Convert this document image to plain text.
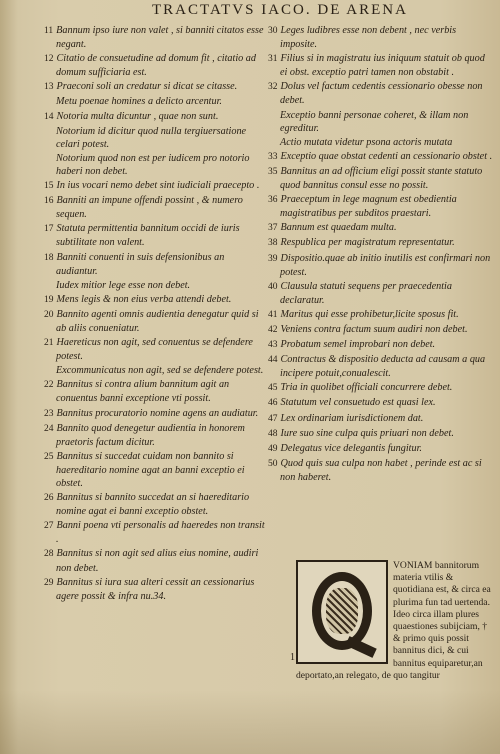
TRACTATVS IACO. DE ARENA
11 Bannum ipso iure non valet , si banniti citatos esse negant.
12 Citatio de consuetudine ad domum fit , citatio ad domum sufficiaria est.
13 Praeconi soli an credatur si dicat se citasse.
Metu poenae homines a delicto arcentur.
14 Notoria multa dicuntur , quae non sunt.
Notorium id dicitur quod nulla tergiuersatione celari potest.
Notorium quod non est per iudicem pro notorio haberi non debet.
15 In ius vocari nemo debet sint iudiciali praecepto .
16 Banniti an impune offendi possint , & numero sequen.
17 Statuta permittentia bannitum occidi de iuris subtilitate non valent.
18 Banniti conuenti in suis defensionibus an audiantur.
Iudex mitior lege esse non debet.
19 Mens legis & non eius verba attendi debet.
20 Bannito agenti omnis audientia denegatur quid si ab aliis conueniatur.
21 Haereticus non agit, sed conuentus se defendere potest.
Excommunicatus non agit, sed se defendere potest.
22 Bannitus si contra alium bannitum agit an conuentus banni exceptione vti possit.
23 Bannitus procuratorio nomine agens an audiatur.
24 Bannito quod denegetur audientia in honorem praetoris factum dicitur.
25 Bannitus si succedat cuidam non bannito si haereditario nomine agat an banni exceptio ei obstet.
26 Bannitus si bannito succedat an si haereditario nomine agat ei banni exceptio obstet.
27 Banni poena vti personalis ad haeredes non transit .
28 Bannitus si non agit sed alius eius nomine, audiri non debet.
29 Bannitus si iura sua alteri cessit an cessionarius agere possit & infra nu.34.
30 Leges ludibres esse non debent , nec verbis imposite.
31 Filius si in magistratu ius iniquum statuit ob quod ei obst. exceptio patri tamen non obstabit .
32 Dolus vel factum cedentis cessionario obesse non debet.
Exceptio banni personae coheret, & illam non egreditur.
Actio mutata videtur psona actoris mutata
33 Exceptio quae obstat cedenti an cessionario obstet .
35 Bannitus an ad officium eligi possit stante statuto quod bannitus consul esse no possit.
36 Praeceptum in lege magnum est obedientia magistratibus per subditos praestari.
37 Bannum est quaedam multa.
38 Respublica per magistratum representatur.
39 Dispositio.quae ab initio inutilis est confirmari non potest.
40 Clausula statuti sequens per praecedentia declaratur.
41 Maritus qui esse prohibetur,licite sposus fit.
42 Veniens contra factum suum audiri non debet.
43 Probatum semel improbari non debet.
44 Contractus & dispositio deducta ad causam a qua incipere potuit,conualescit.
45 Tria in quolibet officiali concurrere debet.
46 Statutum vel consuetudo est quasi lex.
47 Lex ordinariam iurisdictionem dat.
48 Iure suo sine culpa quis priuari non debet.
49 Delegatus vice delegantis fungitur.
50 Quod quis sua culpa non habet , perinde est ac si non haberet.
VONIAM bannitorum materia vtilis & quotidiana est, & circa ea plurima fun tad uertenda. Ideo circa illam plures quaestiones subijciam, † & primo quis possit bannitus dici, & cui bannitus equiparetur,an deportato,an relegato, de quo tangitur
1
